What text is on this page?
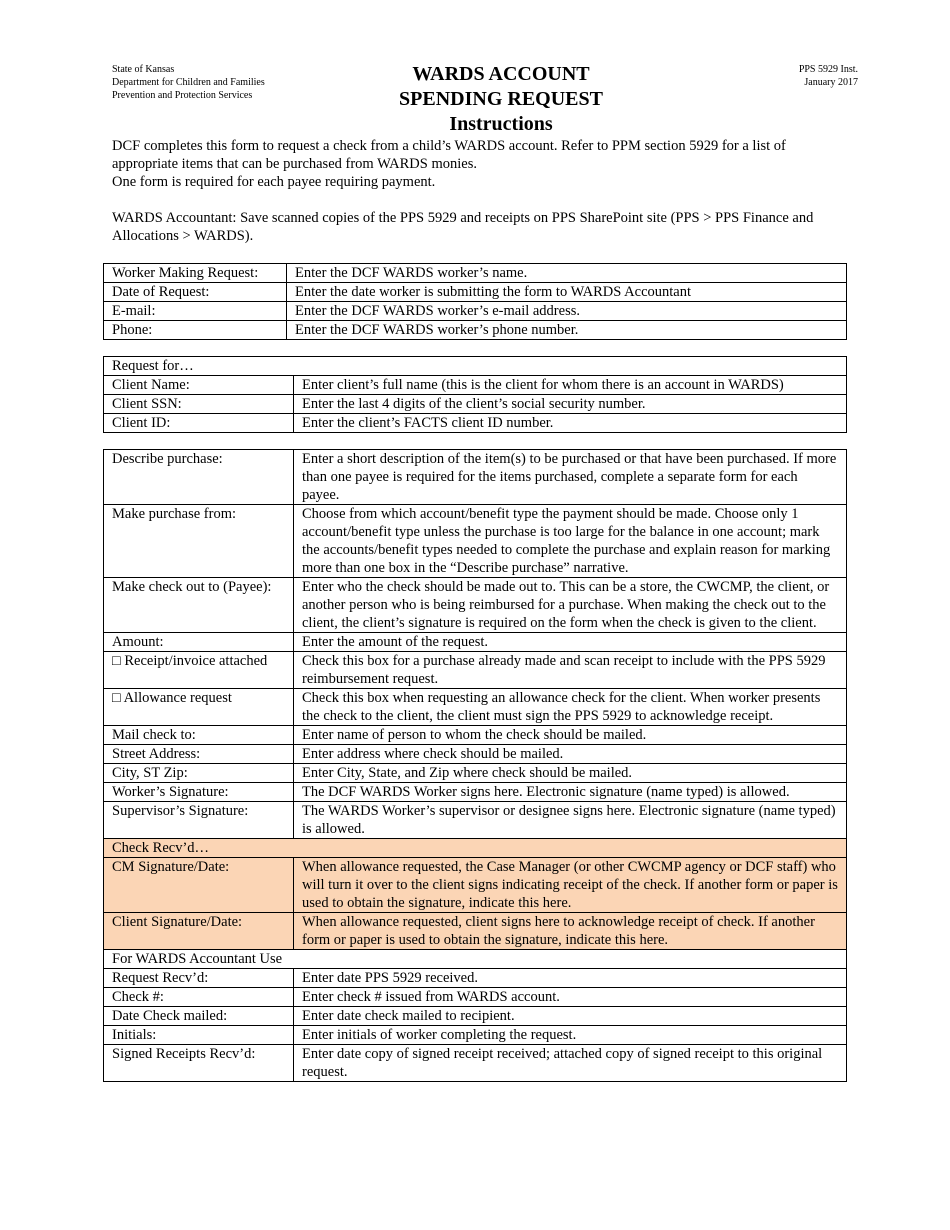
State of Kansas
Department for Children and Families
Prevention and Protection Services
WARDS ACCOUNT
SPENDING REQUEST
Instructions
PPS 5929 Inst.
January 2017

DCF completes this form to request a check from a child’s WARDS account. Refer to PPM section 5929 for a list of appropriate items that can be purchased from WARDS monies.

One form is required for each payee requiring payment.

WARDS Accountant: Save scanned copies of the PPS 5929 and receipts on PPS SharePoint site (PPS > PPS Finance and Allocations > WARDS).

Worker Making Request:	Enter the DCF WARDS worker’s name.
Date of Request:	Enter the date worker is submitting the form to WARDS Accountant
E-mail:	Enter the DCF WARDS worker’s e-mail address.
Phone:	Enter the DCF WARDS worker’s phone number.
Request for…	
Client Name:	Enter client’s full name (this is the client for whom there is an account in WARDS)
Client SSN:	Enter the last 4 digits of the client’s social security number.
Client ID:	Enter the client’s FACTS client ID number.
Describe purchase:	Enter a short description of the item(s) to be purchased or that have been purchased. If more than one payee is required for the items purchased, complete a separate form for each payee.
Make purchase from:	Choose from which account/benefit type the payment should be made. Choose only 1 account/benefit type unless the purchase is too large for the balance in one account; mark the accounts/benefit types needed to complete the purchase and explain reason for marking more than one box in the “Describe purchase” narrative.
Make check out to (Payee):	Enter who the check should be made out to. This can be a store, the CWCMP, the client, or another person who is being reimbursed for a purchase. When making the check out to the client, the client’s signature is required on the form when the check is given to the client.
Amount:	Enter the amount of the request.
□ Receipt/invoice attached	Check this box for a purchase already made and scan receipt to include with the PPS 5929 reimbursement request.
□ Allowance request	Check this box when requesting an allowance check for the client. When worker presents the check to the client, the client must sign the PPS 5929 to acknowledge receipt.
Mail check to:	Enter name of person to whom the check should be mailed.
Street Address:	Enter address where check should be mailed.
City, ST Zip:	Enter City, State, and Zip where check should be mailed.
Worker’s Signature:	The DCF WARDS Worker signs here. Electronic signature (name typed) is allowed.
Supervisor’s Signature:	The WARDS Worker’s supervisor or designee signs here. Electronic signature (name typed) is allowed.
Check Recv’d…	
CM Signature/Date:	When allowance requested, the Case Manager (or other CWCMP agency or DCF staff) who will turn it over to the client signs indicating receipt of the check. If another form or paper is used to obtain the signature, indicate this here.
Client Signature/Date:	When allowance requested, client signs here to acknowledge receipt of check. If another form or paper is used to obtain the signature, indicate this here.
For WARDS Accountant Use	
Request Recv’d:	Enter date PPS 5929 received.
Check #:	Enter check # issued from WARDS account.
Date Check mailed:	Enter date check mailed to recipient.
Initials:	Enter initials of worker completing the request.
Signed Receipts Recv’d:	Enter date copy of signed receipt received; attached copy of signed receipt to this original request.
